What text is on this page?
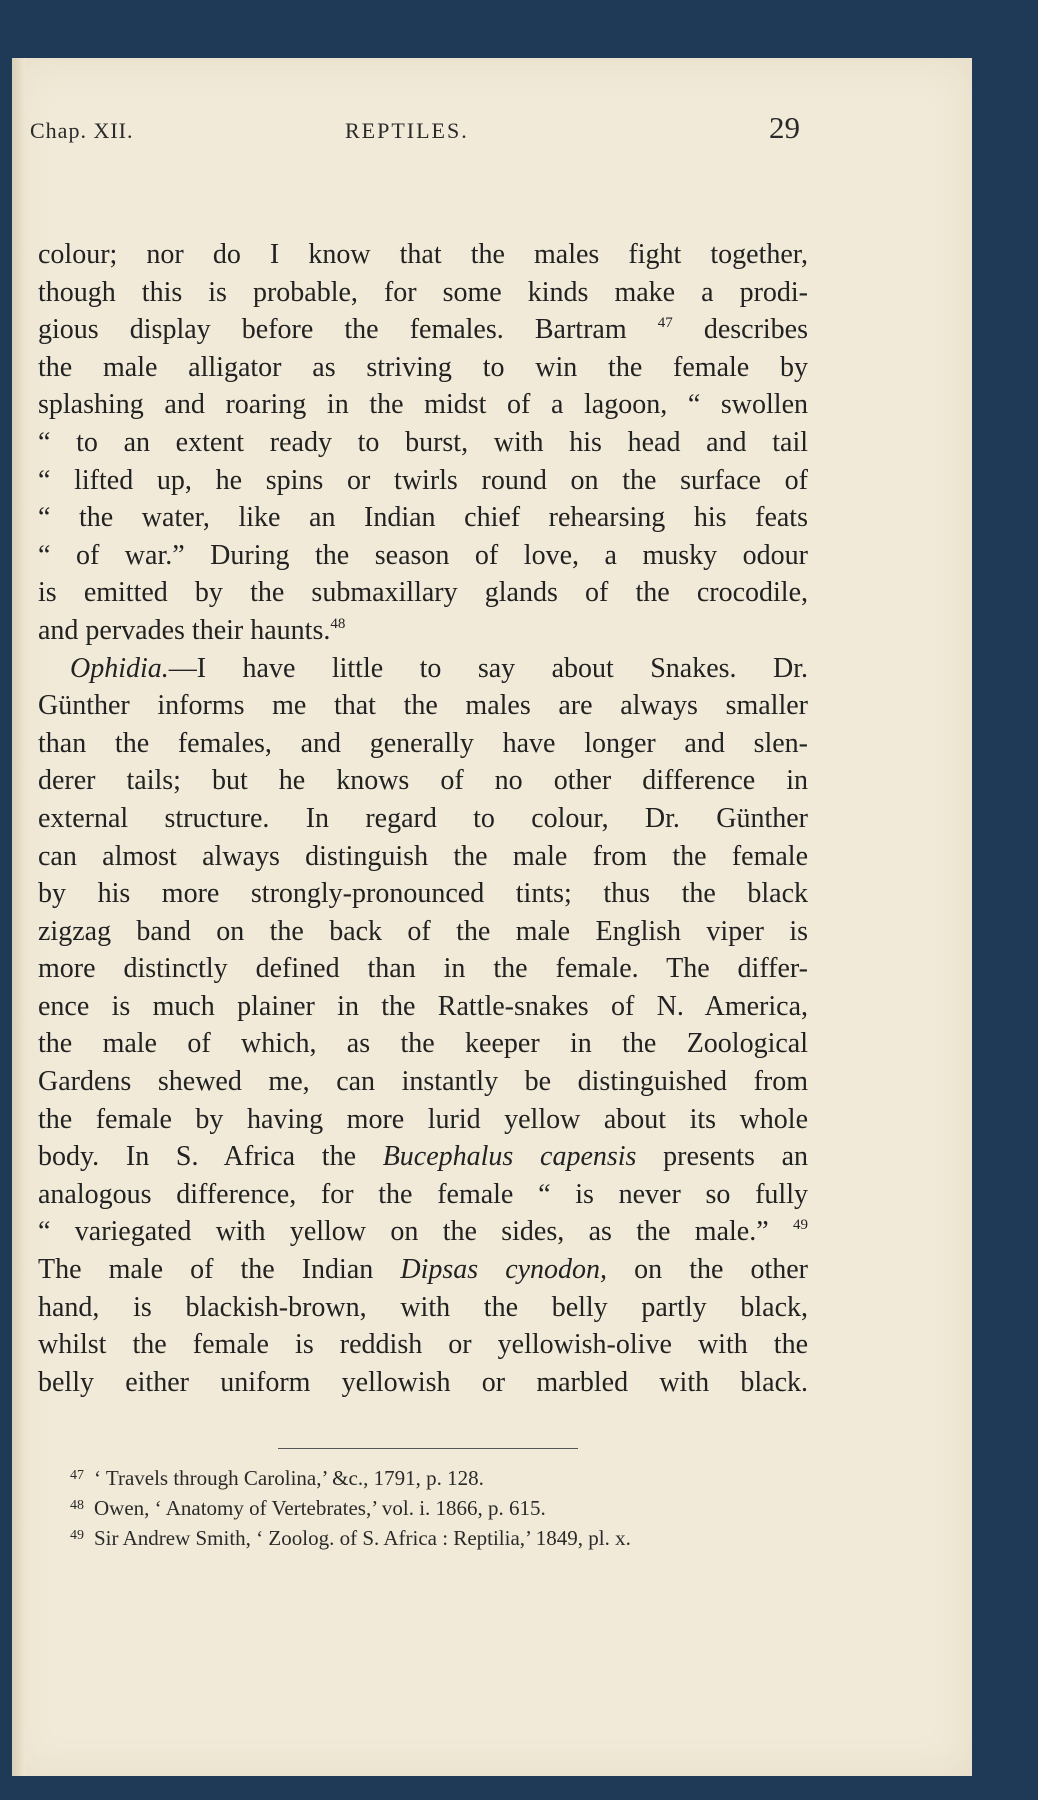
Chap. XII.	REPTILES.	29
colour; nor do I know that the males fight together,
though this is probable, for some kinds make a prodi-
gious display before the females. Bartram $^{47}$ describes
the male alligator as striving to win the female by
splashing and roaring in the midst of a lagoon, “ swollen
“ to an extent ready to burst, with his head and tail
“ lifted up, he spins or twirls round on the surface of
“ the water, like an Indian chief rehearsing his feats
“ of war.” During the season of love, a musky odour
is emitted by the submaxillary glands of the crocodile,
and pervades their haunts.$^{48}$
Ophidia.—I have little to say about Snakes. Dr.
Günther informs me that the males are always smaller
than the females, and generally have longer and slen-
derer tails; but he knows of no other difference in
external structure. In regard to colour, Dr. Günther
can almost always distinguish the male from the female
by his more strongly-pronounced tints; thus the black
zigzag band on the back of the male English viper is
more distinctly defined than in the female. The differ-
ence is much plainer in the Rattle-snakes of N. America,
the male of which, as the keeper in the Zoological
Gardens shewed me, can instantly be distinguished from
the female by having more lurid yellow about its whole
body. In S. Africa the Bucephalus capensis presents an
analogous difference, for the female “ is never so fully
“ variegated with yellow on the sides, as the male.” $^{49}$
The male of the Indian Dipsas cynodon, on the other
hand, is blackish-brown, with the belly partly black,
whilst the female is reddish or yellowish-olive with the
belly either uniform yellowish or marbled with black.
$^{47}$ ‘ Travels through Carolina,’ &c., 1791, p. 128.
$^{48}$ Owen, ‘ Anatomy of Vertebrates,’ vol. i. 1866, p. 615.
$^{49}$ Sir Andrew Smith, ‘ Zoolog. of S. Africa : Reptilia,’ 1849, pl. x.
